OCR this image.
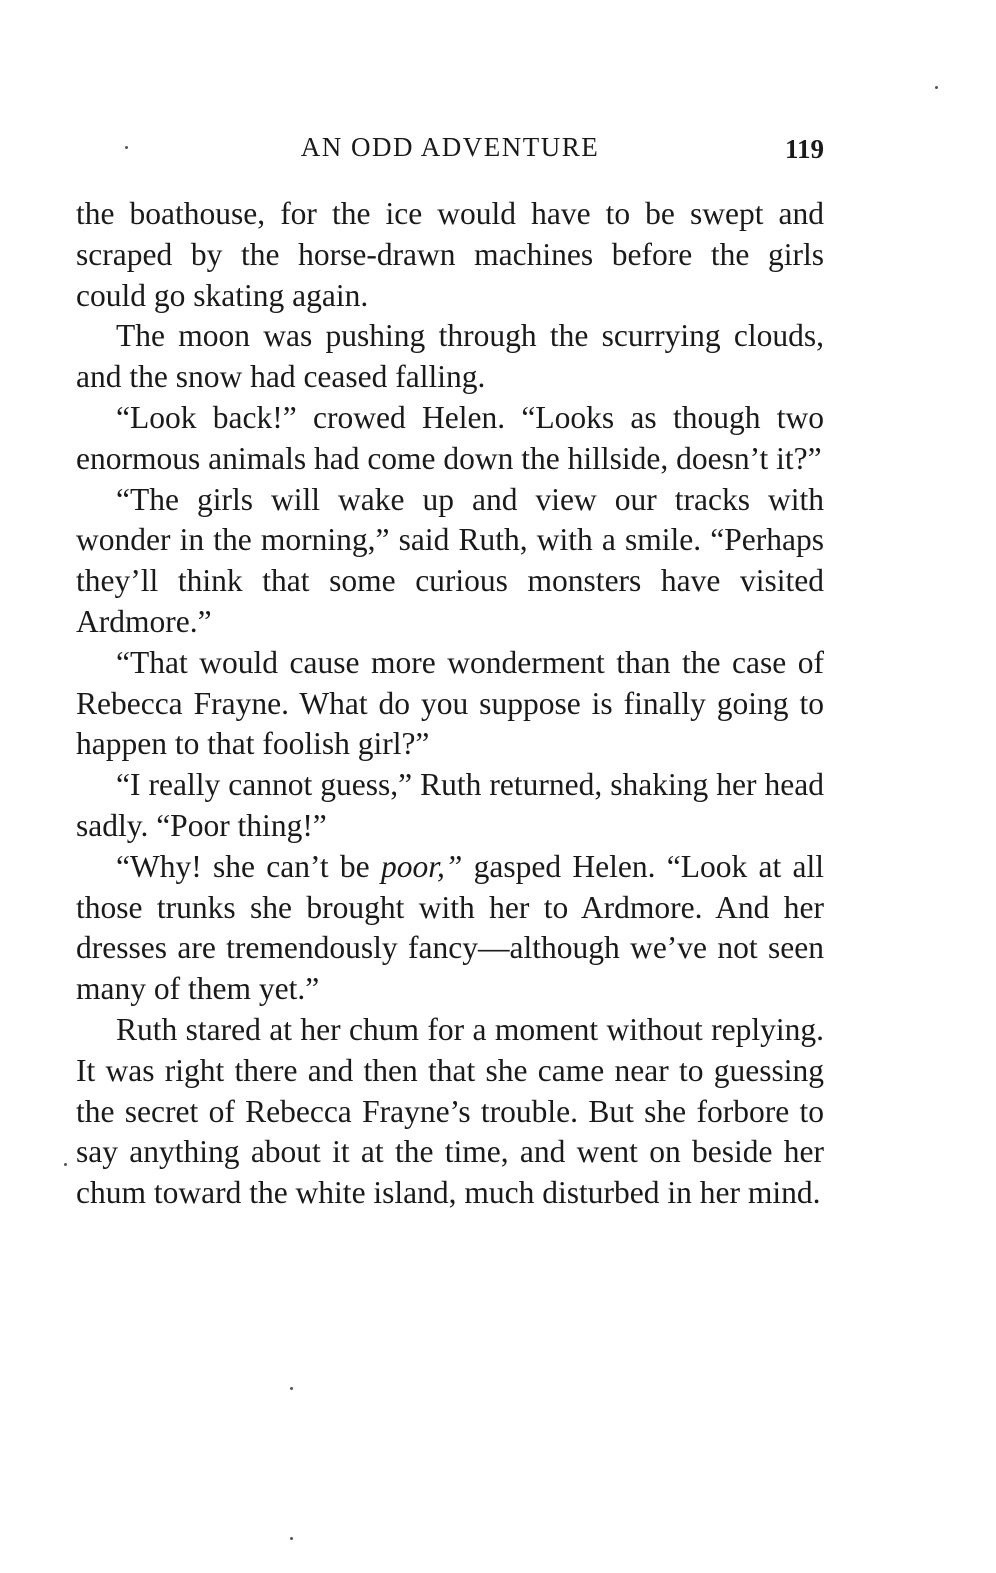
AN ODD ADVENTURE	119

the boathouse, for the ice would have to be swept and scraped by the horse-drawn machines before the girls could go skating again.

The moon was pushing through the scurrying clouds, and the snow had ceased falling.

“Look back!” crowed Helen. “Looks as though two enormous animals had come down the hillside, doesn’t it?”

“The girls will wake up and view our tracks with wonder in the morning,” said Ruth, with a smile. “Perhaps they’ll think that some curious monsters have visited Ardmore.”

“That would cause more wonderment than the case of Rebecca Frayne. What do you suppose is finally going to happen to that foolish girl?”

“I really cannot guess,” Ruth returned, shaking her head sadly. “Poor thing!”

“Why! she can’t be poor,” gasped Helen. “Look at all those trunks she brought with her to Ardmore. And her dresses are tremendously fancy—although we’ve not seen many of them yet.”

Ruth stared at her chum for a moment without replying. It was right there and then that she came near to guessing the secret of Rebecca Frayne’s trouble. But she forbore to say anything about it at the time, and went on beside her chum toward the white island, much disturbed in her mind.
